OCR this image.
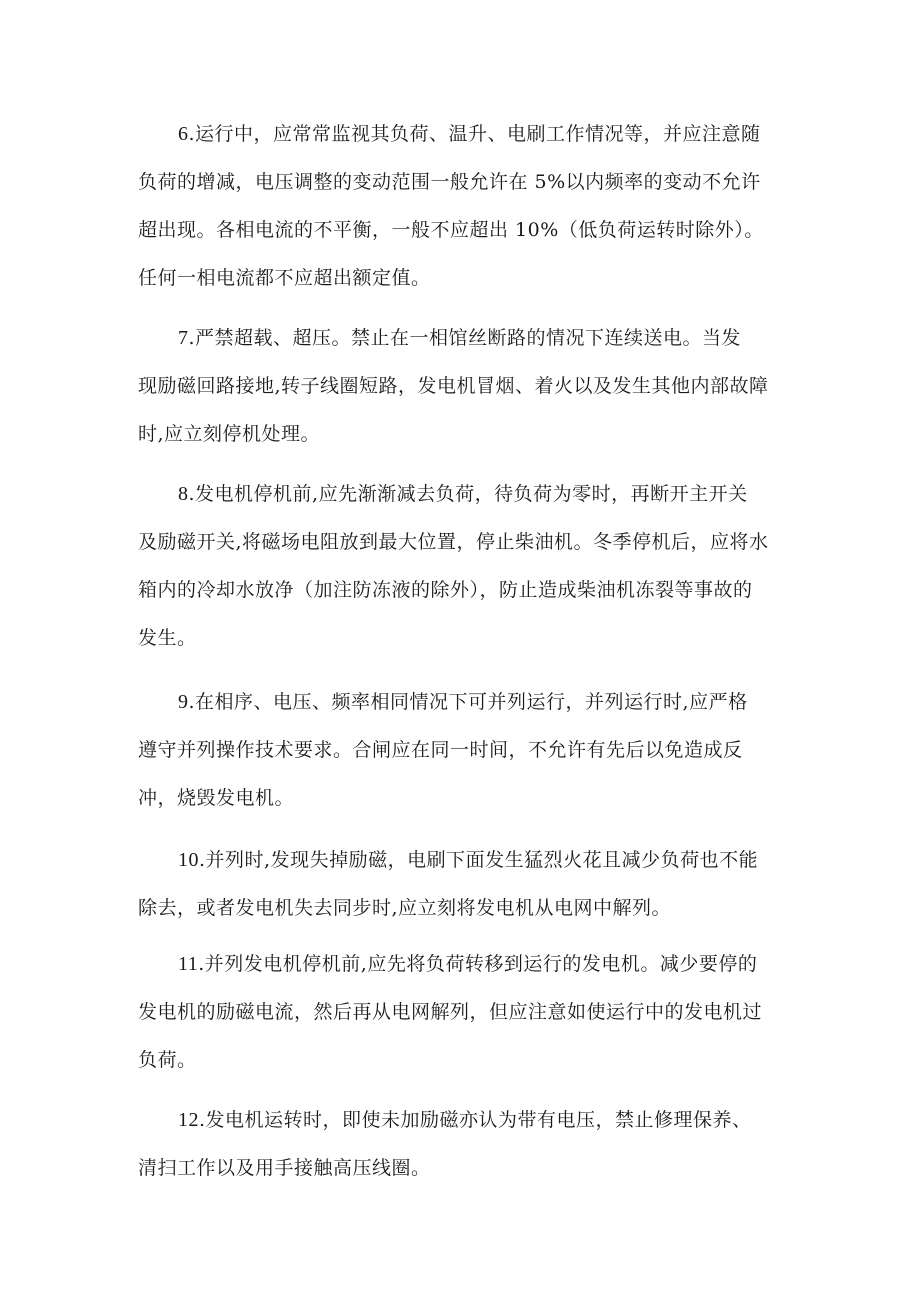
6.运行中，应常常监视其负荷、温升、电刷工作情况等，并应注意随
负荷的增减，电压调整的变动范围一般允许在 5%以内频率的变动不允许
超出现。各相电流的不平衡，一般不应超出 10%（低负荷运转时除外）。
任何一相电流都不应超出额定值。

7.严禁超载、超压。禁止在一相馆丝断路的情况下连续送电。当发
现励磁回路接地,转子线圈短路，发电机冒烟、着火以及发生其他内部故障
时,应立刻停机处理。

8.发电机停机前,应先渐渐减去负荷，待负荷为零时，再断开主开关
及励磁开关,将磁场电阻放到最大位置，停止柴油机。冬季停机后，应将水
箱内的冷却水放净（加注防冻液的除外），防止造成柴油机冻裂等事故的
发生。

9.在相序、电压、频率相同情况下可并列运行，并列运行时,应严格
遵守并列操作技术要求。合闸应在同一时间，不允许有先后以免造成反
冲，烧毁发电机。

10.并列时,发现失掉励磁，电刷下面发生猛烈火花且减少负荷也不能
除去，或者发电机失去同步时,应立刻将发电机从电网中解列。

11.并列发电机停机前,应先将负荷转移到运行的发电机。减少要停的
发电机的励磁电流，然后再从电网解列，但应注意如使运行中的发电机过
负荷。

12.发电机运转时，即使未加励磁亦认为带有电压，禁止修理保养、
清扫工作以及用手接触高压线圈。
